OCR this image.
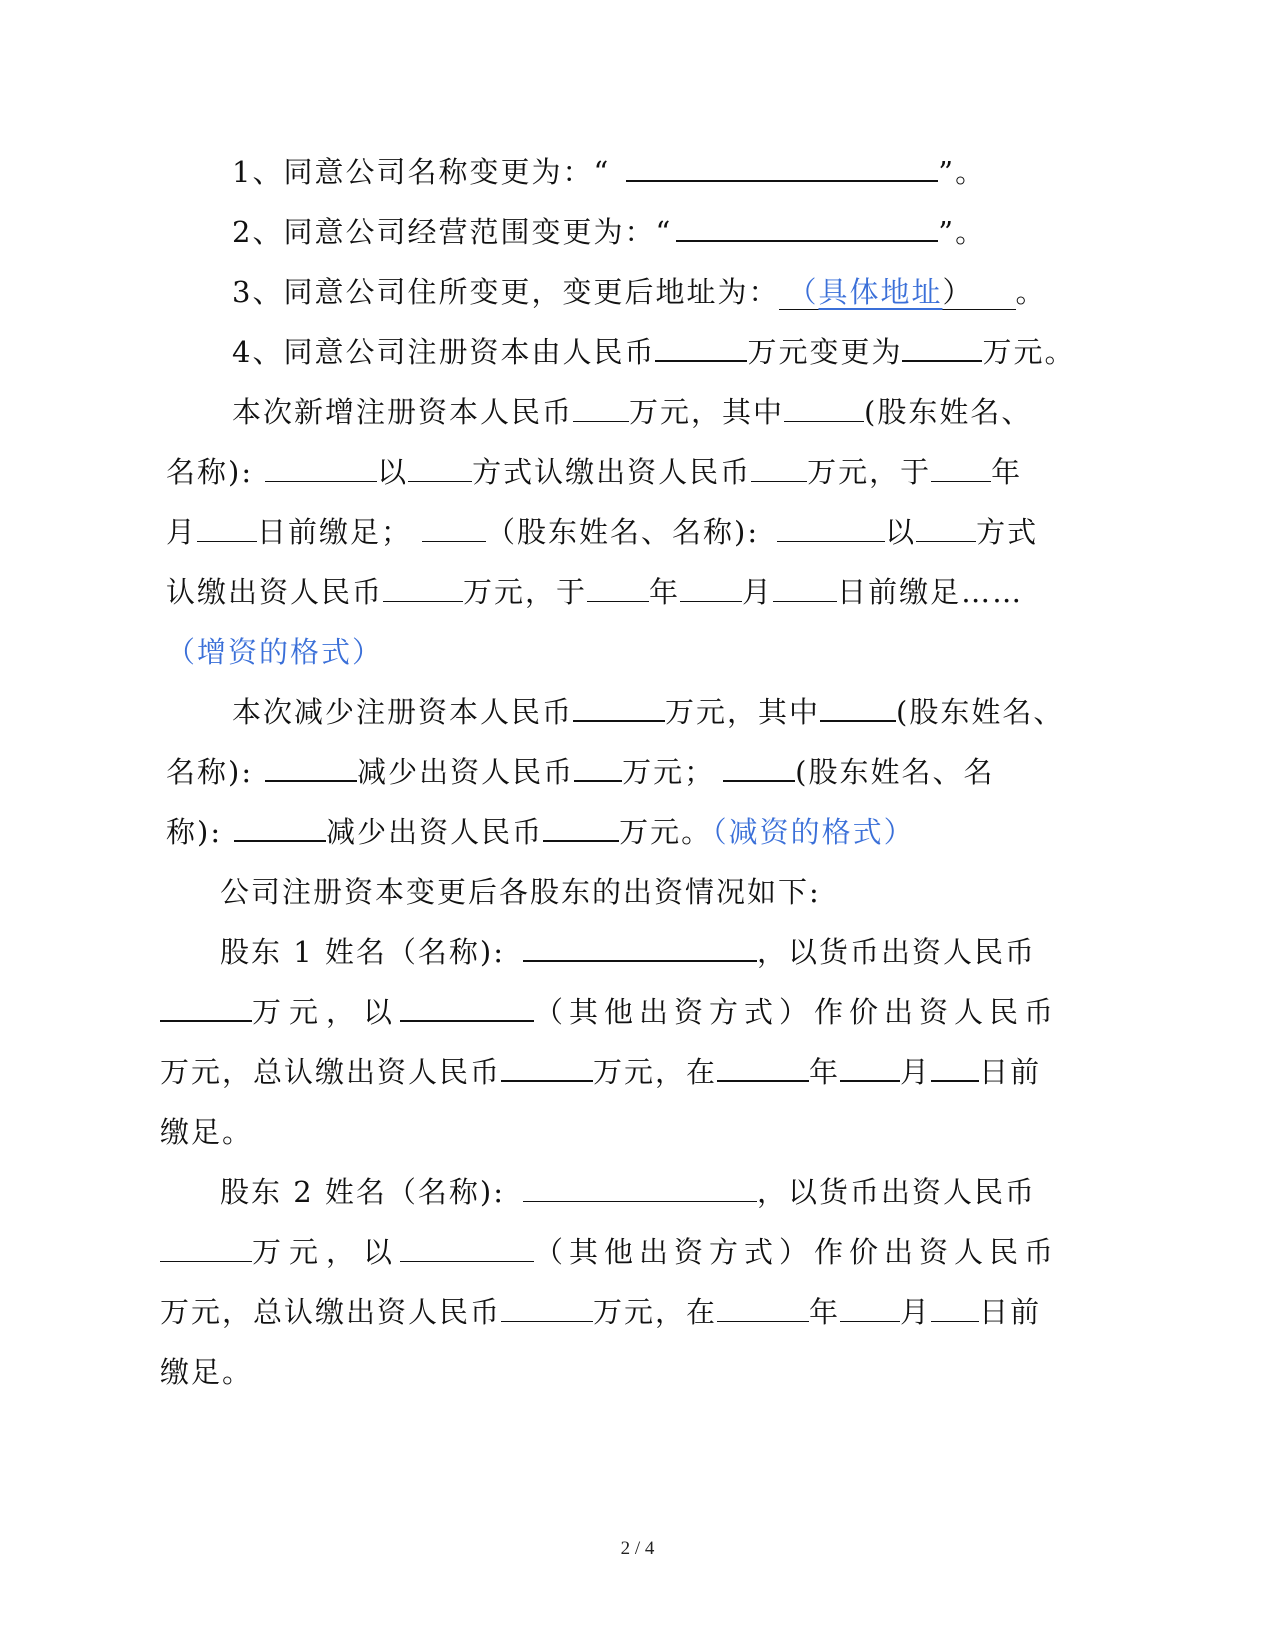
1、同意公司名称变更为：“	”。
2、同意公司经营范围变更为：“	”。
3、同意公司住所变更，变更后地址为： （具体地址） 。
4、同意公司注册资本由人民币	万元变更为	万元。
本次新增注册资本人民币 万元，其中	(股东姓名、
名称):	以 方式认缴出资人民币 万元，于 年
月 日前缴足；	（股东姓名、名称):	以 方式
认缴出资人民币	万元，于 年 月 日前缴足……
（增资的格式）
本次减少注册资本人民币	万元，其中	(股东姓名、
名称):	减少出资人民币 万元；	(股东姓名、名
称):	减少出资人民币	万元。（减资的格式）
公司注册资本变更后各股东的出资情况如下:
股东 1 姓名（名称):	，以货币出资人民币
万元，以	（其他出资方式）作价出资人民币
万元，总认缴出资人民币	万元，在	年 月 日前
缴足。
股东 2 姓名（名称):	，以货币出资人民币
万元，以	（其他出资方式）作价出资人民币
万元，总认缴出资人民币	万元，在	年 月 日前
缴足。
2 / 4
